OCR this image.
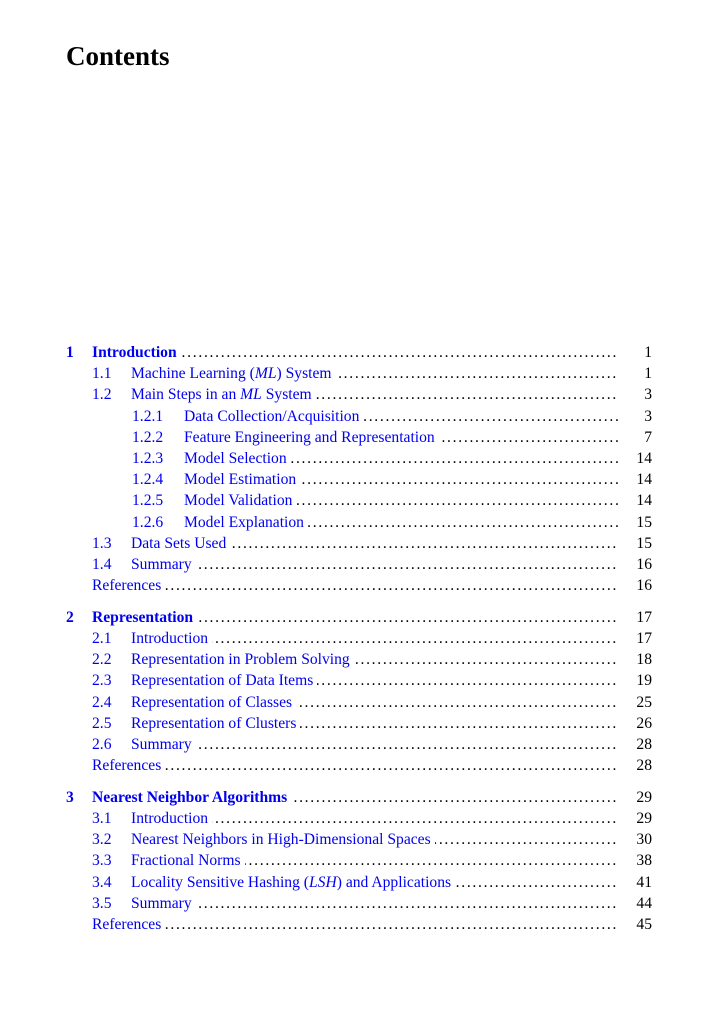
Contents
1 Introduction . . .	1
1.1 Machine Learning (ML) System . . .	1
1.2 Main Steps in an ML System . . .	3
1.2.1 Data Collection/Acquisition . . .	3
1.2.2 Feature Engineering and Representation . . .	7
1.2.3 Model Selection . . .	14
1.2.4 Model Estimation . . .	14
1.2.5 Model Validation . . .	14
1.2.6 Model Explanation . . .	15
1.3 Data Sets Used . . .	15
1.4 Summary . . .	16
References . . .	16
2 Representation . . .	17
2.1 Introduction . . .	17
2.2 Representation in Problem Solving . . .	18
2.3 Representation of Data Items . . .	19
2.4 Representation of Classes . . .	25
2.5 Representation of Clusters . . .	26
2.6 Summary . . .	28
References . . .	28
3 Nearest Neighbor Algorithms . . .	29
3.1 Introduction . . .	29
3.2 Nearest Neighbors in High-Dimensional Spaces . . .	30
3.3 Fractional Norms . . .	38
3.4 Locality Sensitive Hashing (LSH) and Applications . . .	41
3.5 Summary . . .	44
References . . .	45
